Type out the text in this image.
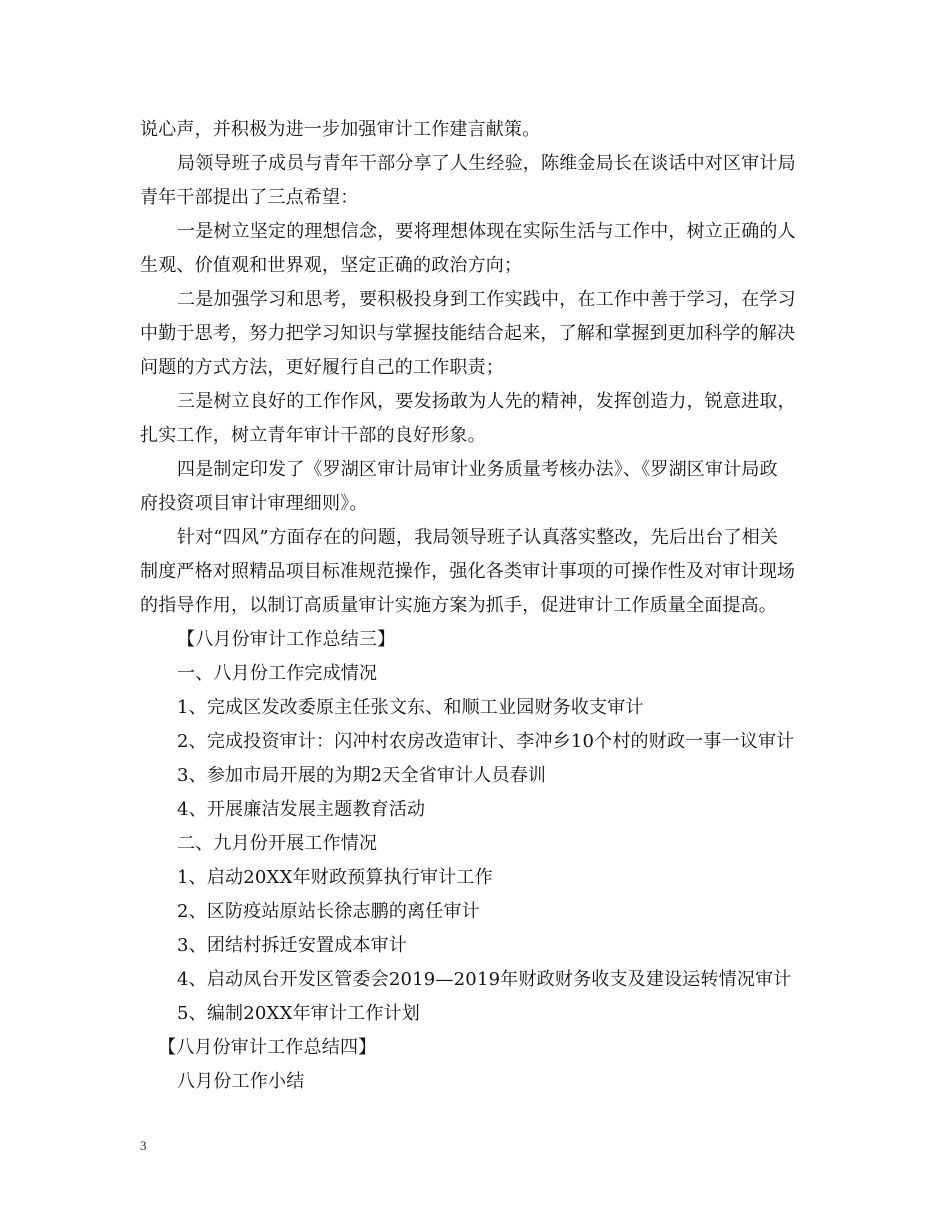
说心声，并积极为进一步加强审计工作建言献策。
局领导班子成员与青年干部分享了人生经验，陈维金局长在谈话中对区审计局
青年干部提出了三点希望：
一是树立坚定的理想信念，要将理想体现在实际生活与工作中，树立正确的人
生观、价值观和世界观，坚定正确的政治方向；
二是加强学习和思考，要积极投身到工作实践中，在工作中善于学习，在学习
中勤于思考，努力把学习知识与掌握技能结合起来，了解和掌握到更加科学的解决
问题的方式方法，更好履行自己的工作职责；
三是树立良好的工作作风，要发扬敢为人先的精神，发挥创造力，锐意进取，
扎实工作，树立青年审计干部的良好形象。
四是制定印发了《罗湖区审计局审计业务质量考核办法》、《罗湖区审计局政
府投资项目审计审理细则》。
针对“四风”方面存在的问题，我局领导班子认真落实整改，先后出台了相关
制度严格对照精品项目标准规范操作，强化各类审计事项的可操作性及对审计现场
的指导作用，以制订高质量审计实施方案为抓手，促进审计工作质量全面提高。
【八月份审计工作总结三】
一、八月份工作完成情况
1、完成区发改委原主任张文东、和顺工业园财务收支审计
2、完成投资审计：闪冲村农房改造审计、李冲乡10个村的财政一事一议审计
3、参加市局开展的为期2天全省审计人员春训
4、开展廉洁发展主题教育活动
二、九月份开展工作情况
1、启动20XX年财政预算执行审计工作
2、区防疫站原站长徐志鹏的离任审计
3、团结村拆迁安置成本审计
4、启动凤台开发区管委会2019—2019年财政财务收支及建设运转情况审计
5、编制20XX年审计工作计划
【八月份审计工作总结四】
八月份工作小结
3
